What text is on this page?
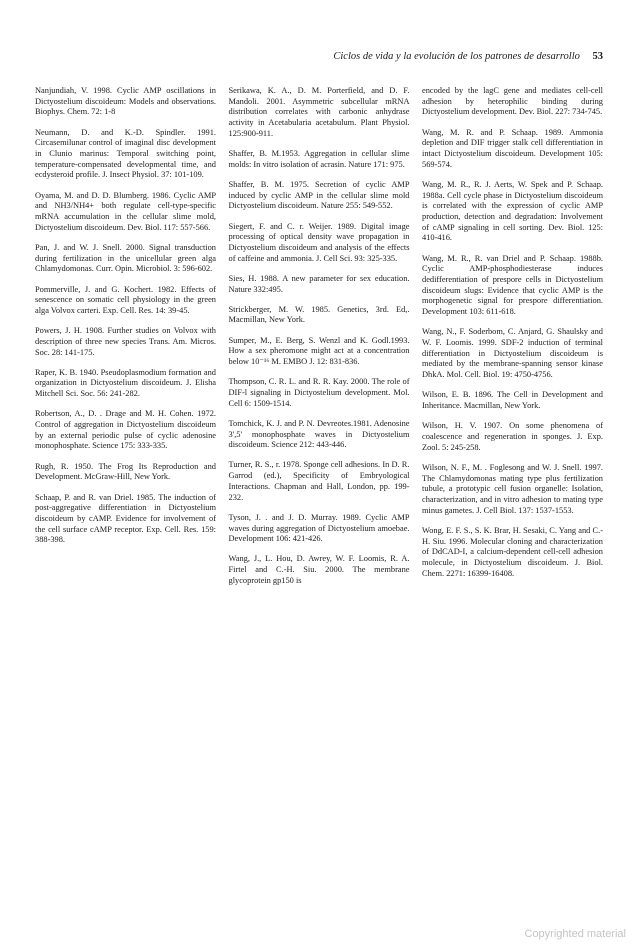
Ciclos de vida y la evolución de los patrones de desarrollo 53

Nanjundiah, V. 1998. Cyclic AMP oscillations in Dictyostelium discoideum: Models and observations. Biophys. Chem. 72: 1-8

Neumann, D. and K.-D. Spindler. 1991. Circasemilunar control of imaginal disc development in Clunio marinus: Temporal switching point, temperature-compensated developmental time, and ecdysteroid profile. J. Insect Physiol. 37: 101-109.

Oyama, M. and D. D. Blumberg. 1986. Cyclic AMP and NH3/NH4+ both regulate cell-type-specific mRNA accumulation in the cellular slime mold, Dictyostelium discoideum. Dev. Biol. 117: 557-566.

Pan, J. and W. J. Snell. 2000. Signal transduction during fertilization in the unicellular green alga Chlamydomonas. Curr. Opin. Microbiol. 3: 596-602.

Pommerville, J. and G. Kochert. 1982. Effects of senescence on somatic cell physiology in the green alga Volvox carteri. Exp. Cell. Res. 14: 39-45.

Powers, J. H. 1908. Further studies on Volvox with description of three new species Trans. Am. Micros. Soc. 28: 141-175.

Raper, K. B. 1940. Pseudoplasmodium formation and organization in Dictyostelium discoideum. J. Elisha Mitchell Sci. Soc. 56: 241-282.

Robertson, A., D. . Drage and M. H. Cohen. 1972. Control of aggregation in Dictyostelium discoideum by an external periodic pulse of cyclic adenosine monophosphate. Science 175: 333-335.

Rugh, R. 1950. The Frog Its Reproduction and Development. McGraw-Hill, New York.

Schaap, P. and R. van Driel. 1985. The induction of post-aggregative differentiation in Dictyostelium discoideum by cAMP. Evidence for involvement of the cell surface cAMP receptor. Exp. Cell. Res. 159: 388-398.

Serikawa, K. A., D. M. Porterfield, and D. F. Mandoli. 2001. Asymmetric subcellular mRNA distribution correlates with carbonic anhydrase activity in Acetabularia acetabulum. Plant Physiol. 125:900-911.

Shaffer, B. M.1953. Aggregation in cellular slime molds: In vitro isolation of acrasin. Nature 171: 975.

Shaffer, B. M. 1975. Secretion of cyclic AMP induced by cyclic AMP in the cellular slime mold Dictyostelium discoideum. Nature 255: 549-552.

Siegert, F. and C. r. Weijer. 1989. Digital image processing of optical density wave propagation in Dictyostelium discoideum and analysis of the effects of caffeine and ammonia. J. Cell Sci. 93: 325-335.

Sies, H. 1988. A new parameter for sex education. Nature 332:495.

Strickberger, M. W. 1985. Genetics, 3rd. Ed,. Macmillan, New York.

Sumper, M., E. Berg, S. Wenzl and K. Godl.1993. How a sex pheromone might act at a concentration below 10⁻¹⁶ M. EMBO J. 12: 831-836.

Thompson, C. R. L. and R. R. Kay. 2000. The role of DIF-l signaling in Dictyostelium development. Mol. Cell 6: 1509-1514.

Tomchick, K. J. and P. N. Devreotes.1981. Adenosine 3',5' monophosphate waves in Dictyostelium discoideum. Science 212: 443-446.

Turner, R. S., r. 1978. Sponge cell adhesions. In D. R. Garrod (ed.), Specificity of Embryological Interactions. Chapman and Hall, London, pp. 199-232.

Tyson, J. . and J. D. Murray. 1989. Cyclic AMP waves during aggregation of Dictyostelium amoebae. Development 106: 421-426.

Wang, J., L. Hou, D. Awrey, W. F. Loomis, R. A. Firtel and C.-H. Siu. 2000. The membrane glycoprotein gp150 is

encoded by the lagC gene and mediates cell-cell adhesion by heterophilic binding during Dictyostelium development. Dev. Biol. 227: 734-745.

Wang, M. R. and P. Schaap. 1989. Ammonia depletion and DIF trigger stalk cell differentiation in intact Dictyostelium discoideum. Development 105: 569-574.

Wang, M. R., R. J. Aerts, W. Spek and P. Schaap. 1988a. Cell cycle phase in Dictyostelium discoideum is correlated with the expression of cyclic AMP production, detection and degradation: Involvement of cAMP signaling in cell sorting. Dev. Biol. 125: 410-416.

Wang, M. R., R. van Driel and P. Schaap. 1988b. Cyclic AMP-phosphodiesterase induces dedifferentiation of prespore cells in Dictyostelium discoideum slugs: Evidence that cyclic AMP is the morphogenetic signal for prespore differentiation. Development 103: 611-618.

Wang, N., F. Soderbom, C. Anjard, G. Shaulsky and W. F. Loomis. 1999. SDF-2 induction of terminal differentiation in Dictyostelium discoideum is mediated by the membrane-spanning sensor kinase DhkA. Mol. Cell. Biol. 19: 4750-4756.

Wilson, E. B. 1896. The Cell in Development and Inheritance. Macmillan, New York.

Wilson, H. V. 1907. On some phenomena of coalescence and regeneration in sponges. J. Exp. Zool. 5: 245-258.

Wilson, N. F., M. . Foglesong and W. J. Snell. 1997. The Chlamydomonas mating type plus fertilization tubule, a prototypic cell fusion organelle: Isolation, characterization, and in vitro adhesion to mating type minus gametes. J. Cell Biol. 137: 1537-1553.

Wong, E. F. S., S. K. Brar, H. Sesaki, C. Yang and C.-H. Siu. 1996. Molecular cloning and characterization of DdCAD-I, a calcium-dependent cell-cell adhesion molecule, in Dictyostelium discoideum. J. Biol. Chem. 2271: 16399-16408.

Copyrighted material
